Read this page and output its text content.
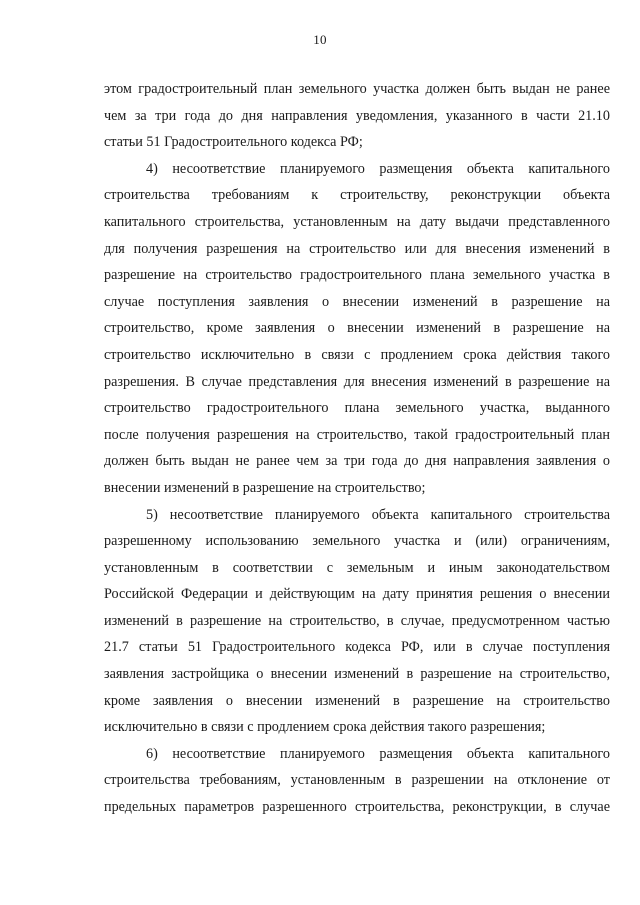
10
этом градостроительный план земельного участка должен быть выдан не ранее
чем за три года до дня направления уведомления, указанного в части 21.10
статьи 51 Градостроительного кодекса РФ;
4) несоответствие планируемого размещения объекта капитального
строительства требованиям к строительству, реконструкции объекта
капитального строительства, установленным на дату выдачи представленного
для получения разрешения на строительство или для внесения изменений в
разрешение на строительство градостроительного плана земельного участка в
случае поступления заявления о внесении изменений в разрешение на
строительство, кроме заявления о внесении изменений в разрешение на
строительство исключительно в связи с продлением срока действия такого
разрешения. В случае представления для внесения изменений в разрешение на
строительство градостроительного плана земельного участка, выданного
после получения разрешения на строительство, такой градостроительный план
должен быть выдан не ранее чем за три года до дня направления заявления о
внесении изменений в разрешение на строительство;
5) несоответствие планируемого объекта капитального строительства
разрешенному использованию земельного участка и (или) ограничениям,
установленным в соответствии с земельным и иным законодательством
Российской Федерации и действующим на дату принятия решения о внесении
изменений в разрешение на строительство, в случае, предусмотренном частью
21.7 статьи 51 Градостроительного кодекса РФ, или в случае поступления
заявления застройщика о внесении изменений в разрешение на строительство,
кроме заявления о внесении изменений в разрешение на строительство
исключительно в связи с продлением срока действия такого разрешения;
6) несоответствие планируемого размещения объекта капитального
строительства требованиям, установленным в разрешении на отклонение от
предельных параметров разрешенного строительства, реконструкции, в случае
